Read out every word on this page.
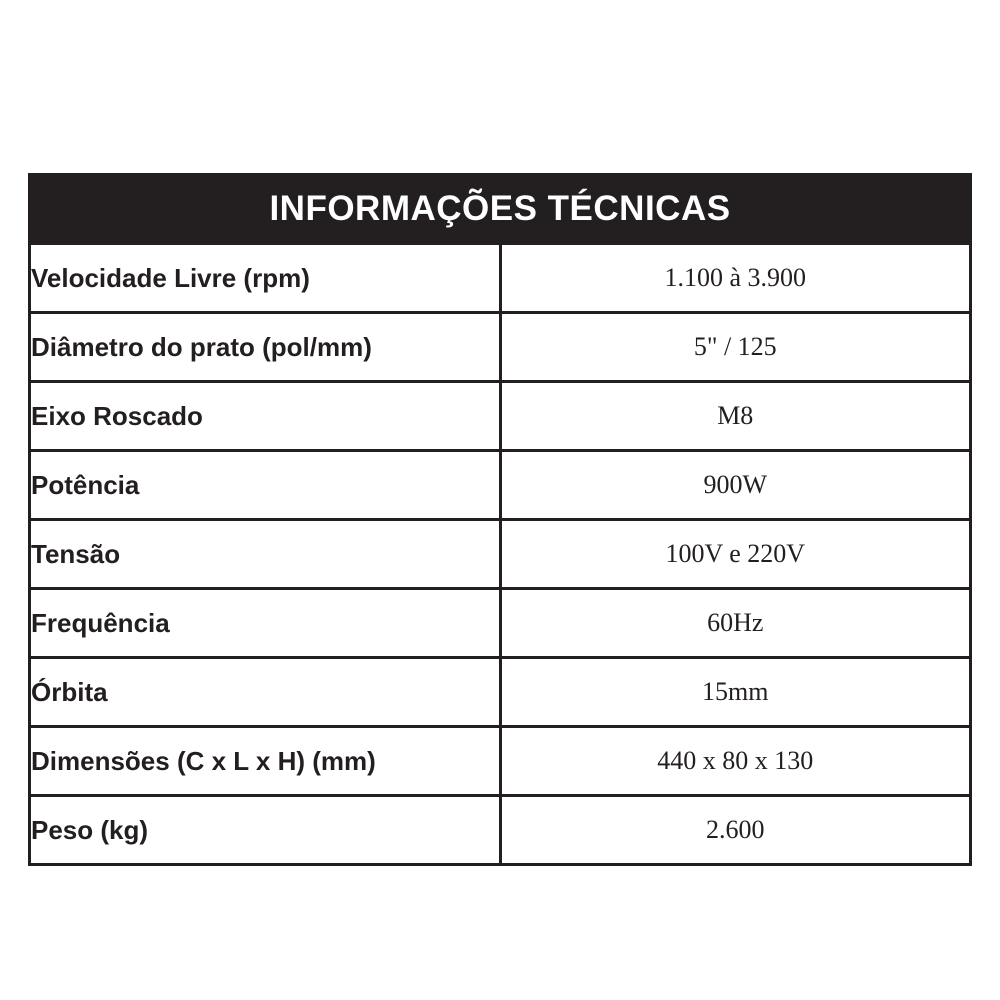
INFORMAÇÕES TÉCNICAS	
Velocidade Livre (rpm)	1.100 à 3.900
Diâmetro do prato (pol/mm)	5" / 125
Eixo Roscado	M8
Potência	900W
Tensão	100V e 220V
Frequência	60Hz
Órbita	15mm
Dimensões (C x L x H) (mm)	440 x 80 x 130
Peso (kg)	2.600
